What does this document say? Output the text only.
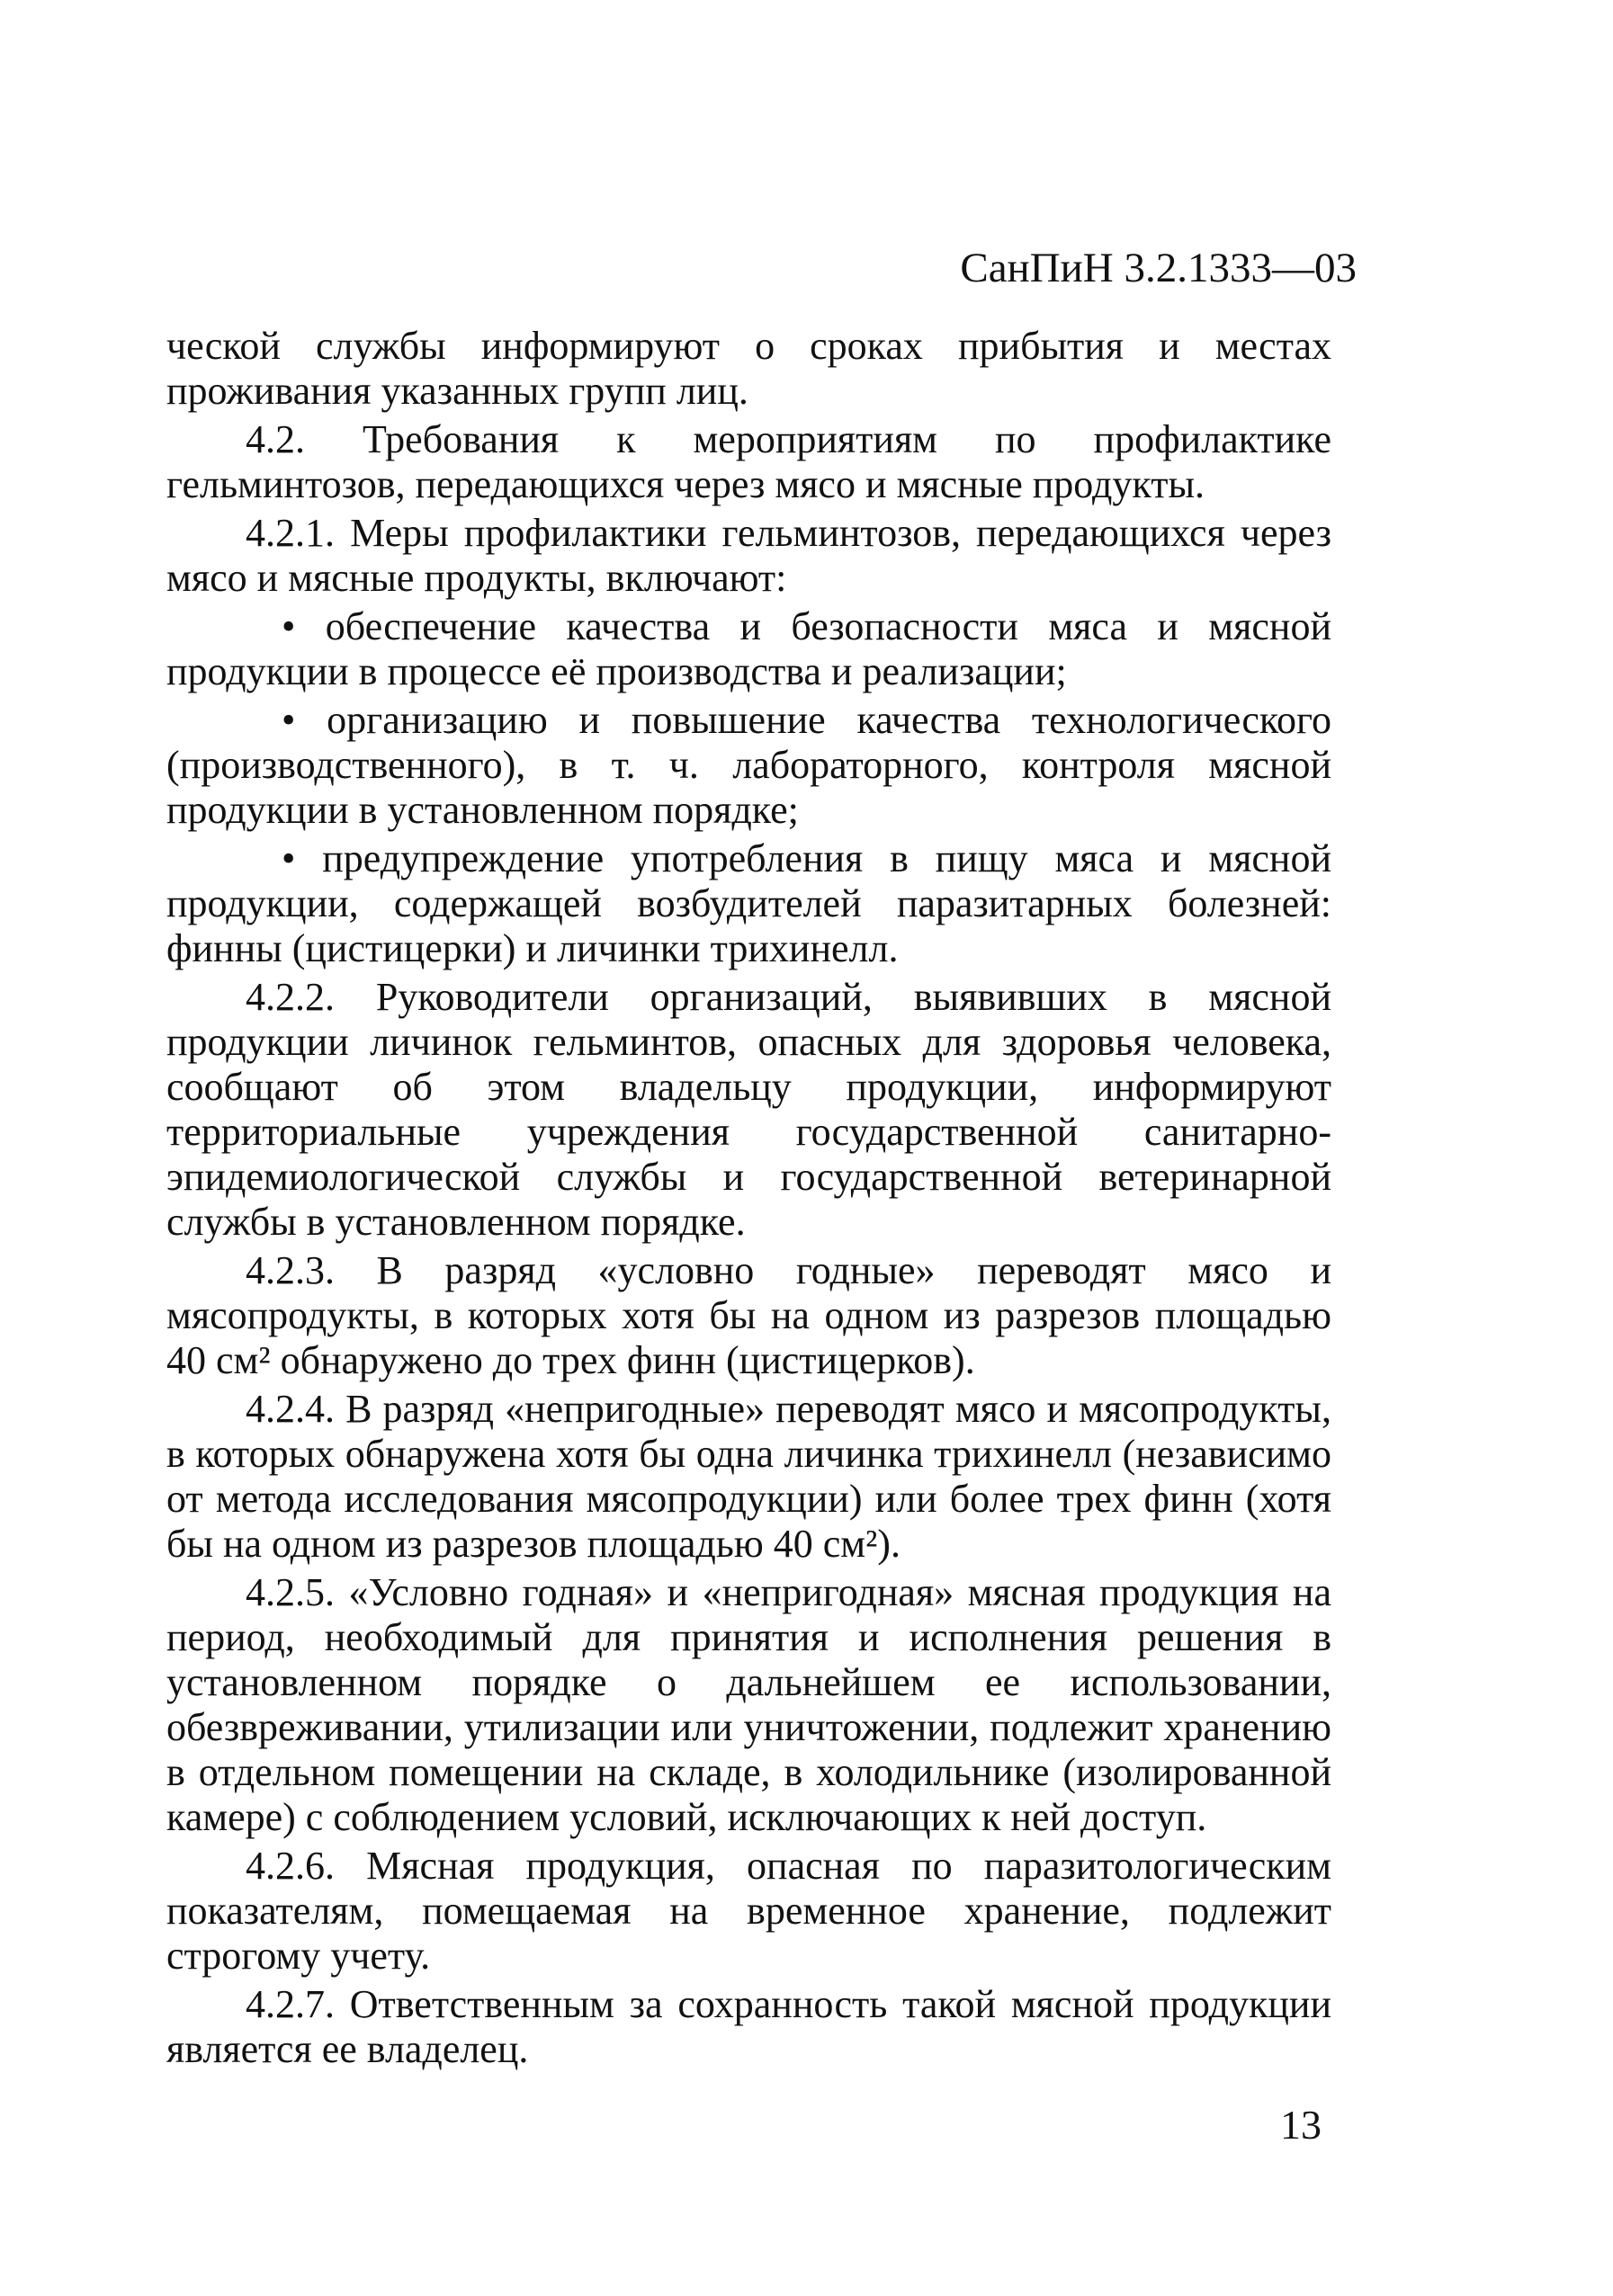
СанПиН 3.2.1333—03

ческой службы информируют о сроках прибытия и местах проживания указанных групп лиц.

4.2. Требования к мероприятиям по профилактике гельминтозов, передающихся через мясо и мясные продукты.

4.2.1. Меры профилактики гельминтозов, передающихся через мясо и мясные продукты, включают:

• обеспечение качества и безопасности мяса и мясной продукции в процессе её производства и реализации;

• организацию и повышение качества технологического (производственного), в т. ч. лабораторного, контроля мясной продукции в установленном порядке;

• предупреждение употребления в пищу мяса и мясной продукции, содержащей возбудителей паразитарных болезней: финны (цистицерки) и личинки трихинелл.

4.2.2. Руководители организаций, выявивших в мясной продукции личинок гельминтов, опасных для здоровья человека, сообщают об этом владельцу продукции, информируют территориальные учреждения государственной санитарно-эпидемиологической службы и государственной ветеринарной службы в установленном порядке.

4.2.3. В разряд «условно годные» переводят мясо и мясопродукты, в которых хотя бы на одном из разрезов площадью 40 см² обнаружено до трех финн (цистицерков).

4.2.4. В разряд «непригодные» переводят мясо и мясопродукты, в которых обнаружена хотя бы одна личинка трихинелл (независимо от метода исследования мясопродукции) или более трех финн (хотя бы на одном из разрезов площадью 40 см²).

4.2.5. «Условно годная» и «непригодная» мясная продукция на период, необходимый для принятия и исполнения решения в установленном порядке о дальнейшем ее использовании, обезвреживании, утилизации или уничтожении, подлежит хранению в отдельном помещении на складе, в холодильнике (изолированной камере) с соблюдением условий, исключающих к ней доступ.

4.2.6. Мясная продукция, опасная по паразитологическим показателям, помещаемая на временное хранение, подлежит строгому учету.

4.2.7. Ответственным за сохранность такой мясной продукции является ее владелец.

13
